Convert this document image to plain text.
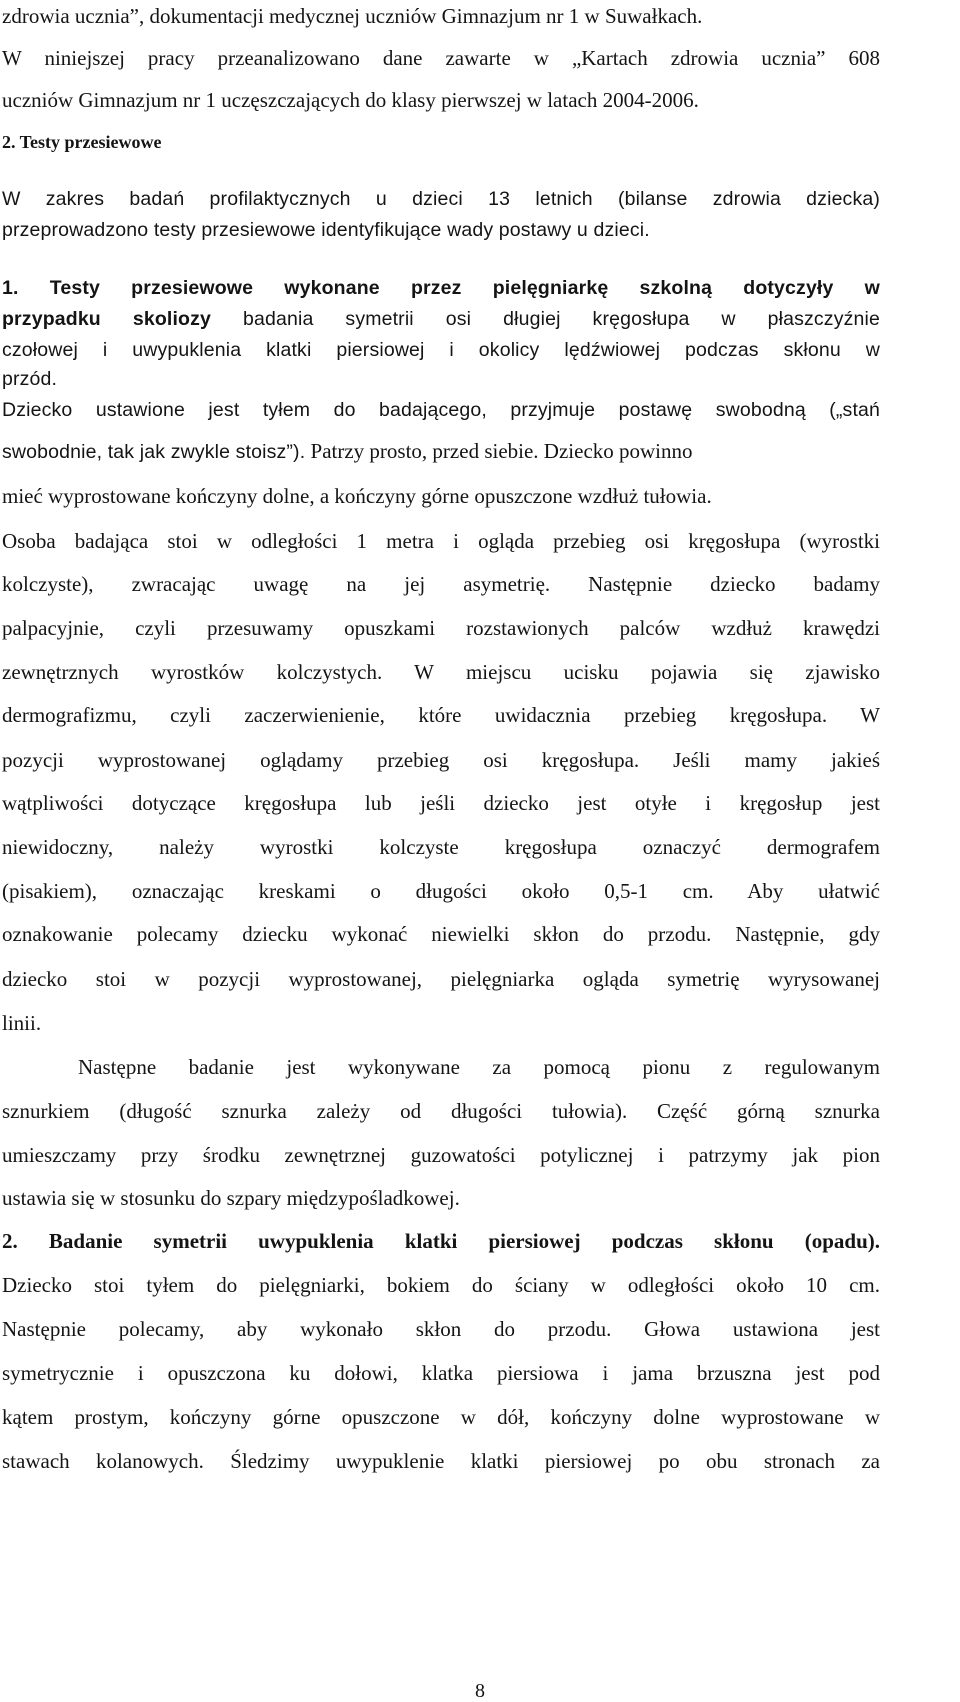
zdrowia ucznia”, dokumentacji medycznej uczniów Gimnazjum nr 1 w Suwałkach.
W niniejszej pracy przeanalizowano dane zawarte w „Kartach zdrowia ucznia” 608
uczniów Gimnazjum nr 1 uczęszczających do klasy pierwszej w latach 2004-2006.
2. Testy przesiewowe
W zakres badań profilaktycznych u dzieci 13 letnich (bilanse zdrowia dziecka)
przeprowadzono testy przesiewowe identyfikujące wady postawy u dzieci.
1. Testy przesiewowe wykonane przez pielęgniarkę szkolną dotyczyły w
przypadku skoliozy badania symetrii osi długiej kręgosłupa w płaszczyźnie
czołowej i uwypuklenia klatki piersiowej i okolicy lędźwiowej podczas skłonu w
przód.
Dziecko ustawione jest tyłem do badającego, przyjmuje postawę swobodną („stań
swobodnie, tak jak zwykle stoisz”). Patrzy prosto, przed siebie. Dziecko powinno
mieć wyprostowane kończyny dolne, a kończyny górne opuszczone wzdłuż tułowia.
Osoba badająca stoi w odległości 1 metra i ogląda przebieg osi kręgosłupa (wyrostki
kolczyste), zwracając uwagę na jej asymetrię. Następnie dziecko badamy
palpacyjnie, czyli przesuwamy opuszkami rozstawionych palców wzdłuż krawędzi
zewnętrznych wyrostków kolczystych. W miejscu ucisku pojawia się zjawisko
dermografizmu, czyli zaczerwienienie, które uwidacznia przebieg kręgosłupa. W
pozycji wyprostowanej oglądamy przebieg osi kręgosłupa. Jeśli mamy jakieś
wątpliwości dotyczące kręgosłupa lub jeśli dziecko jest otyłe i kręgosłup jest
niewidoczny, należy wyrostki kolczyste kręgosłupa oznaczyć dermografem
(pisakiem), oznaczając kreskami o długości około 0,5-1 cm. Aby ułatwić
oznakowanie polecamy dziecku wykonać niewielki skłon do przodu. Następnie, gdy
dziecko stoi w pozycji wyprostowanej, pielęgniarka ogląda symetrię wyrysowanej
linii.
Następne badanie jest wykonywane za pomocą pionu z regulowanym
sznurkiem (długość sznurka zależy od długości tułowia). Część górną sznurka
umieszczamy przy środku zewnętrznej guzowatości potylicznej i patrzymy jak pion
ustawia się w stosunku do szpary międzypośladkowej.
2. Badanie symetrii uwypuklenia klatki piersiowej podczas skłonu (opadu).
Dziecko stoi tyłem do pielęgniarki, bokiem do ściany w odległości około 10 cm.
Następnie polecamy, aby wykonało skłon do przodu. Głowa ustawiona jest
symetrycznie i opuszczona ku dołowi, klatka piersiowa i jama brzuszna jest pod
kątem prostym, kończyny górne opuszczone w dół, kończyny dolne wyprostowane w
stawach kolanowych. Śledzimy uwypuklenie klatki piersiowej po obu stronach za
8
